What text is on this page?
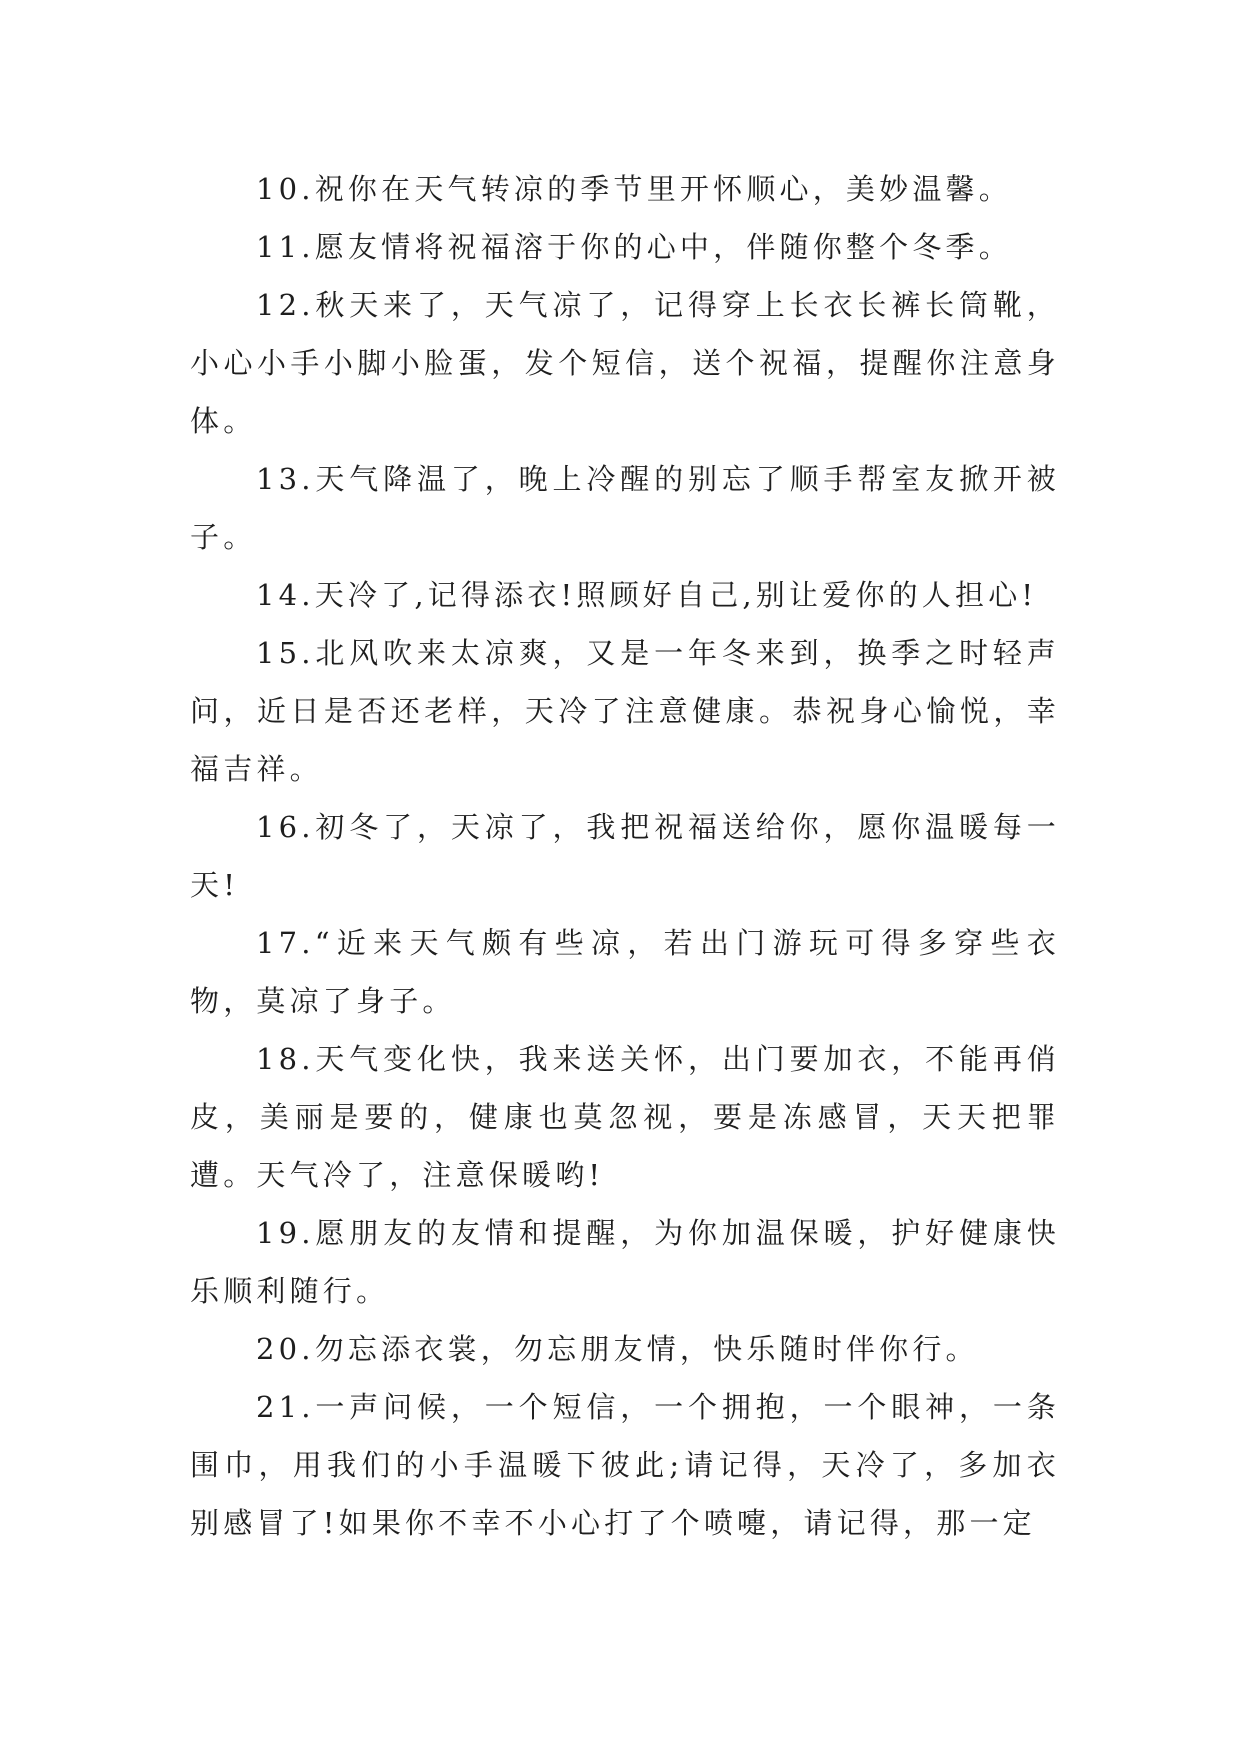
10.祝你在天气转凉的季节里开怀顺心，美妙温馨。

11.愿友情将祝福溶于你的心中，伴随你整个冬季。

12.秋天来了，天气凉了，记得穿上长衣长裤长筒靴，小心小手小脚小脸蛋，发个短信，送个祝福，提醒你注意身体。

13.天气降温了，晚上冷醒的别忘了顺手帮室友掀开被子。

14.天冷了,记得添衣!照顾好自己,别让爱你的人担心!

15.北风吹来太凉爽，又是一年冬来到，换季之时轻声问，近日是否还老样，天冷了注意健康。恭祝身心愉悦，幸福吉祥。

16.初冬了，天凉了，我把祝福送给你，愿你温暖每一天!

17.“近来天气颇有些凉，若出门游玩可得多穿些衣物，莫凉了身子。

18.天气变化快，我来送关怀，出门要加衣，不能再俏皮，美丽是要的，健康也莫忽视，要是冻感冒，天天把罪遭。天气冷了，注意保暖哟!

19.愿朋友的友情和提醒，为你加温保暖，护好健康快乐顺利随行。

20.勿忘添衣裳，勿忘朋友情，快乐随时伴你行。

21.一声问候，一个短信，一个拥抱，一个眼神，一条围巾，用我们的小手温暖下彼此;请记得，天冷了，多加衣别感冒了!如果你不幸不小心打了个喷嚏，请记得，那一定
